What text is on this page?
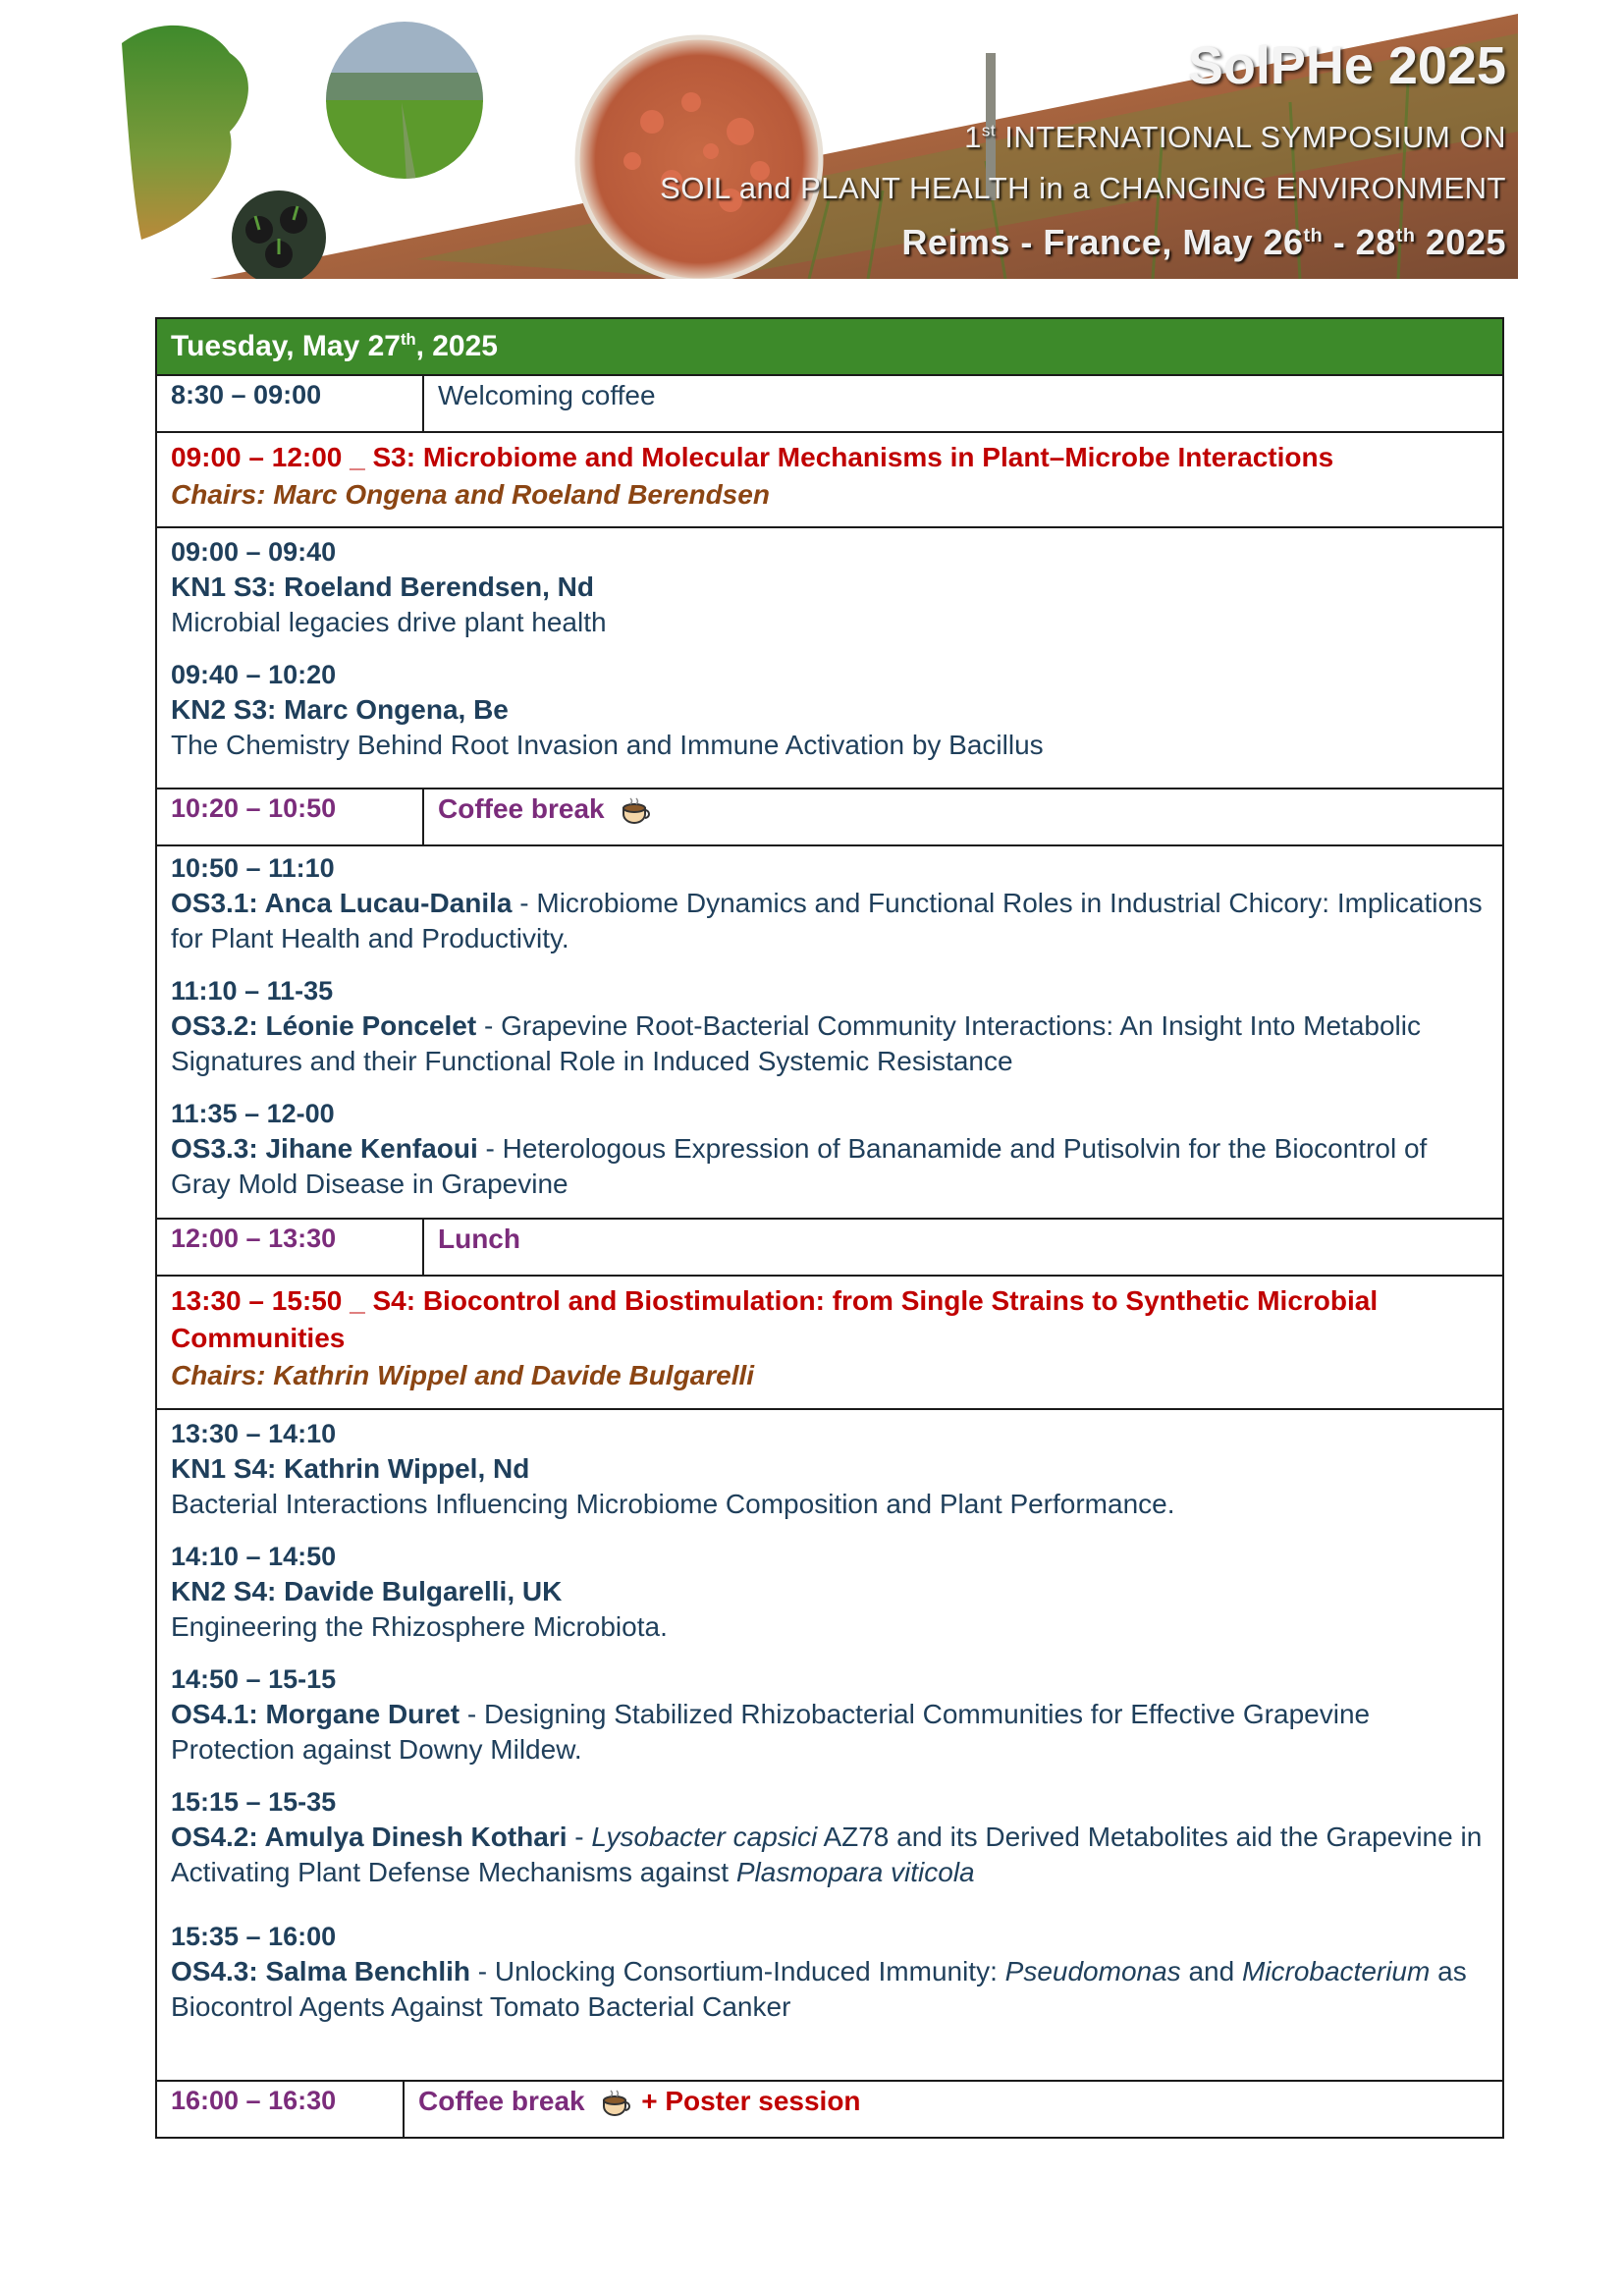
SolPHe 2025
1st INTERNATIONAL SYMPOSIUM ON
SOIL and PLANT HEALTH in a CHANGING ENVIRONMENT
Reims - France, May 26th - 28th 2025
Tuesday, May 27th, 2025
8:30 – 09:00	Welcoming coffee
09:00 – 12:00 _ S3: Microbiome and Molecular Mechanisms in Plant–Microbe Interactions
Chairs: Marc Ongena and Roeland Berendsen
09:00 – 09:40
KN1 S3: Roeland Berendsen, Nd
Microbial legacies drive plant health
09:40 – 10:20
KN2 S3: Marc Ongena, Be
The Chemistry Behind Root Invasion and Immune Activation by Bacillus
10:20 – 10:50	Coffee break
10:50 – 11:10
OS3.1: Anca Lucau-Danila - Microbiome Dynamics and Functional Roles in Industrial Chicory: Implications for Plant Health and Productivity.
11:10 – 11-35
OS3.2: Léonie Poncelet - Grapevine Root-Bacterial Community Interactions: An Insight Into Metabolic Signatures and their Functional Role in Induced Systemic Resistance
11:35 – 12-00
OS3.3: Jihane Kenfaoui - Heterologous Expression of Bananamide and Putisolvin for the Biocontrol of Gray Mold Disease in Grapevine
12:00 – 13:30	Lunch
13:30 – 15:50 _ S4: Biocontrol and Biostimulation: from Single Strains to Synthetic Microbial Communities
Chairs: Kathrin Wippel and Davide Bulgarelli
13:30 – 14:10
KN1 S4: Kathrin Wippel, Nd
Bacterial Interactions Influencing Microbiome Composition and Plant Performance.
14:10 – 14:50
KN2 S4: Davide Bulgarelli, UK
Engineering the Rhizosphere Microbiota.
14:50 – 15-15
OS4.1: Morgane Duret - Designing Stabilized Rhizobacterial Communities for Effective Grapevine Protection against Downy Mildew.
15:15 – 15-35
OS4.2: Amulya Dinesh Kothari - Lysobacter capsici AZ78 and its Derived Metabolites aid the Grapevine in Activating Plant Defense Mechanisms against Plasmopara viticola
15:35 – 16:00
OS4.3: Salma Benchlih - Unlocking Consortium-Induced Immunity: Pseudomonas and Microbacterium as Biocontrol Agents Against Tomato Bacterial Canker
16:00 – 16:30	Coffee break  + Poster session
